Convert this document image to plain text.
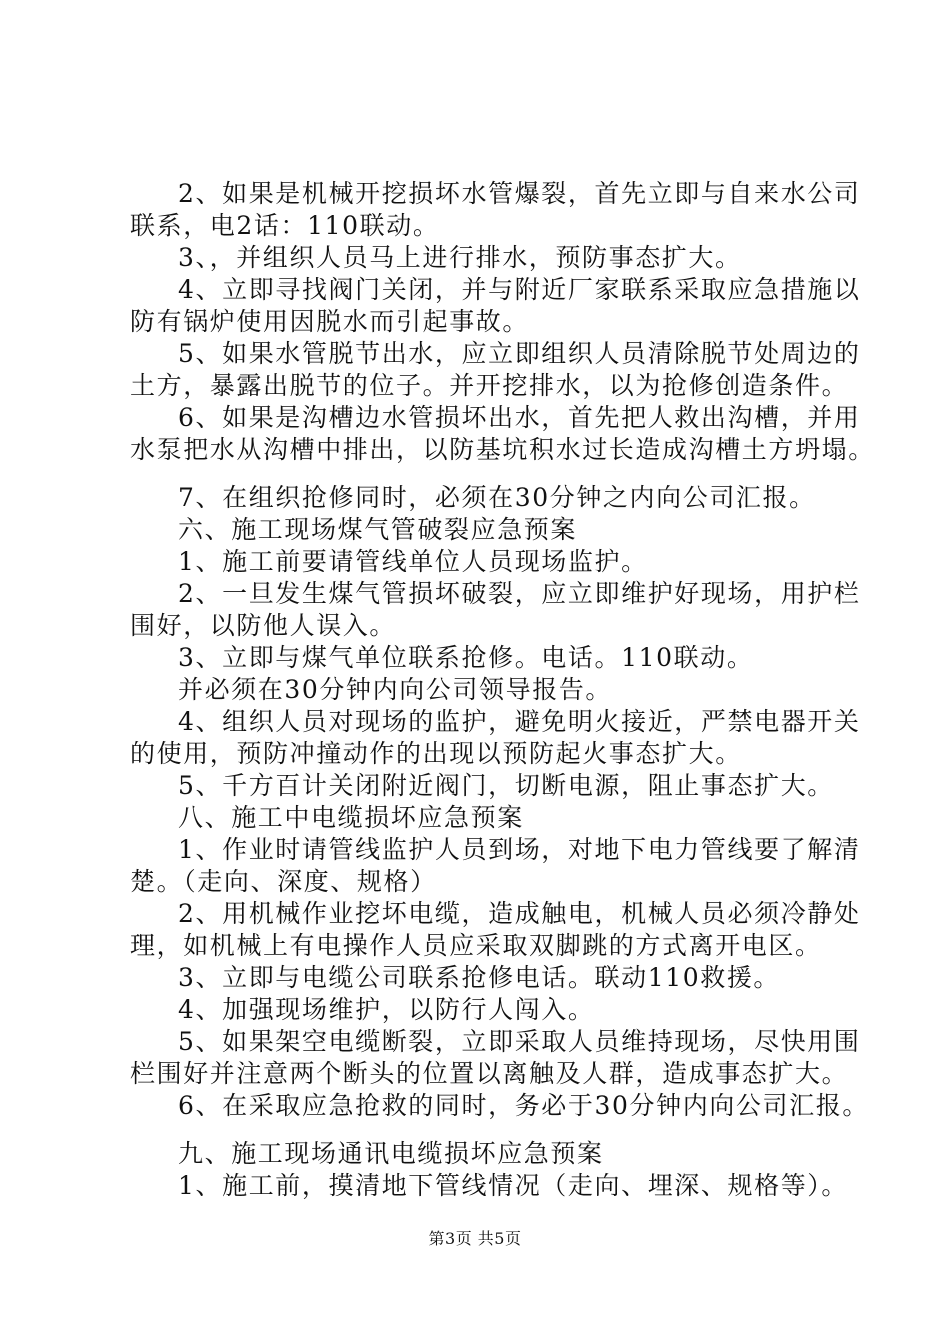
2、如果是机械开挖损坏水管爆裂，首先立即与自来水公司
联系，电2话：110联动。
3、，并组织人员马上进行排水，预防事态扩大。
4、立即寻找阀门关闭，并与附近厂家联系采取应急措施以
防有锅炉使用因脱水而引起事故。
5、如果水管脱节出水，应立即组织人员清除脱节处周边的
土方，暴露出脱节的位子。并开挖排水，以为抢修创造条件。
6、如果是沟槽边水管损坏出水，首先把人救出沟槽，并用
水泵把水从沟槽中排出，以防基坑积水过长造成沟槽土方坍塌。
7、在组织抢修同时，必须在30分钟之内向公司汇报。
六、施工现场煤气管破裂应急预案
1、施工前要请管线单位人员现场监护。
2、一旦发生煤气管损坏破裂，应立即维护好现场，用护栏
围好，以防他人误入。
3、立即与煤气单位联系抢修。电话。110联动。
并必须在30分钟内向公司领导报告。
4、组织人员对现场的监护，避免明火接近，严禁电器开关
的使用，预防冲撞动作的出现以预防起火事态扩大。
5、千方百计关闭附近阀门，切断电源，阻止事态扩大。
八、施工中电缆损坏应急预案
1、作业时请管线监护人员到场，对地下电力管线要了解清
楚。（走向、深度、规格）
2、用机械作业挖坏电缆，造成触电，机械人员必须冷静处
理，如机械上有电操作人员应采取双脚跳的方式离开电区。
3、立即与电缆公司联系抢修电话。联动110救援。
4、加强现场维护，以防行人闯入。
5、如果架空电缆断裂，立即采取人员维持现场，尽快用围
栏围好并注意两个断头的位置以离触及人群，造成事态扩大。
6、在采取应急抢救的同时，务必于30分钟内向公司汇报。
九、施工现场通讯电缆损坏应急预案
1、施工前，摸清地下管线情况（走向、埋深、规格等）。
第3页 共5页
